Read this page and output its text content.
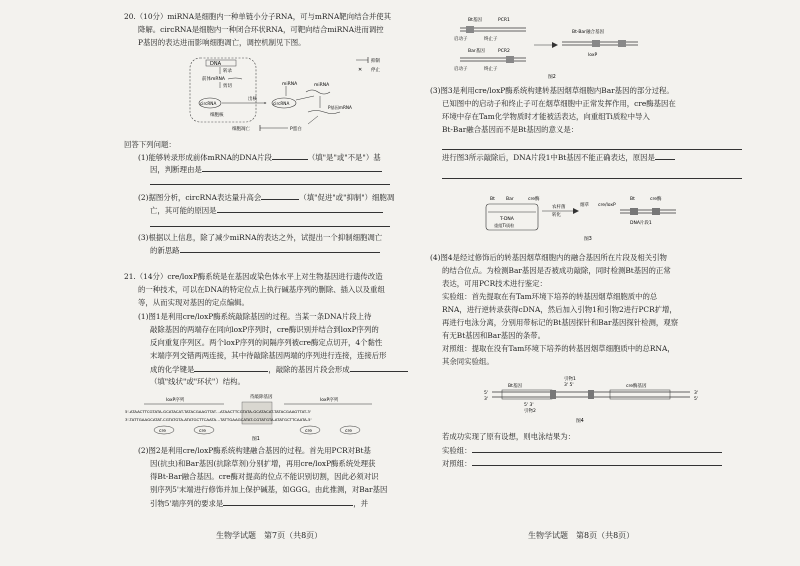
20.（10分）miRNA是细胞内一种单链小分子RNA，可与mRNA靶向结合并使其
降解。circRNA是细胞内一种闭合环状RNA，可靶向结合miRNA进而调控
P基因的表达进而影响细胞凋亡，调控机制见下图。
DNA
转录
前体mRNA
剪切
circRNA
细胞核
出核
circRNA
miRNA	miRNA
P基因mRNA
P蛋白
细胞凋亡
抑制
✕ 停止
回答下列问题：
(1)能够转录形成前体mRNA的DNA片段	（填"是"或"不是"）基
因，判断理由是
(2)据图分析，circRNA表达量升高会	（填"促进"或"抑制"）细胞凋
亡，其可能的原因是
(3)根据以上信息，除了减少miRNA的表达之外，试提出一个抑制细胞凋亡
的新思路
21.（14分）cre/loxP酶系统是在基因或染色体水平上对生物基因进行遗传改造
的一种技术，可以在DNA的特定位点上执行碱基序列的删除、插入以及重组
等，从而实现对基因的定点编辑。
(1)图1是利用cre/loxP酶系统敲除基因的过程。当某一条DNA片段上待
敲除基因的两端存在同向loxP序列时，cre酶识别并结合到loxP序列的
反向重复序列区。两个loxP序列的间隔序列被cre酶定点切开，4个黏性
末端序列交错两两连接，其中待敲除基因两端的序列进行连接，连接后形
成的化学键是	，敲除的基因片段会形成
（填"线状"或"环状"）结构。
loxP序列
待敲除基因
loxP序列
5'-ATAACTTCGTATA-GCATACAT-TATACGAAGTTAT…ATAACTTCGTATA-GCATACAT-TATACGAAGTTAT-3'
3'-TATTGAAGCATAT-CGTATGTA-ATATGCTTCAATA…TATTGAAGCATAT-CGTATGTA-ATATGCTTCAATA-5'
cre	cre	cre	cre
图1
(2)图2是利用cre/loxP酶系统构建融合基因的过程。首先用PCR对Bt基
因(抗虫)和Bar基因(抗除草剂)分别扩增，再用cre/loxP酶系统处理获
得Bt-Bar融合基因。cre酶对提高的位点不能识别切割，因此必须对识
别序列5'末端进行修饰并加上保护碱基，如GGG。由此推测，对Bar基因
引物5'端序列的要求是	，并
生物学试题　第7页（共8页）
Bt基因	PCR1
启动子	终止子
Bar基因	PCR2
启动子	终止子
Bt-Bar融合基因
loxP
图2
(3)图3是利用cre/loxP酶系统构建转基因烟草细胞内Bar基因的部分过程。
已知图中的启动子和终止子可在烟草细胞中正常发挥作用，cre酶基因在
环境中存在Tam化学物质时才能被活表达，向重组Ti质粒中导入
Bt-Bar融合基因而不是Bt基因的意义是：
进行图3所示敲除后，DNA片段1中Bt基因不能正确表达，原因是
Bt Bar	cre酶
T-DNA
重组Ti质粒
农杆菌
转化
烟草 cre/loxP
Bt	cre酶
DNA片段1
图3
(4)图4是经过修饰后的转基因烟草细胞内的融合基因所在片段及相关引物
的结合位点。为检测Bar基因是否被成功敲除，同时检测Bt基因的正常
表达，可用PCR技术进行鉴定：
实验组：首先提取在有Tam环境下培养的转基因烟草细胞质中的总
RNA，进行逆转录获得cDNA，然后加入引物1和引物2进行PCR扩增，
再进行电泳分离，分别用带标记的Bt基因探针和Bar基因探针检测，观察
有无Bt基因和Bar基因的条带。
对照组：提取在没有Tam环境下培养的转基因烟草细胞质中的总RNA，
其余同实验组。
引物1
3' 5'
Bt基因	cre酶基因
5'
3'
3'
5'
5' 3'
引物2
图4
若成功实现了原有设想，则电泳结果为：
实验组：
对照组：
生物学试题　第8页（共8页）
